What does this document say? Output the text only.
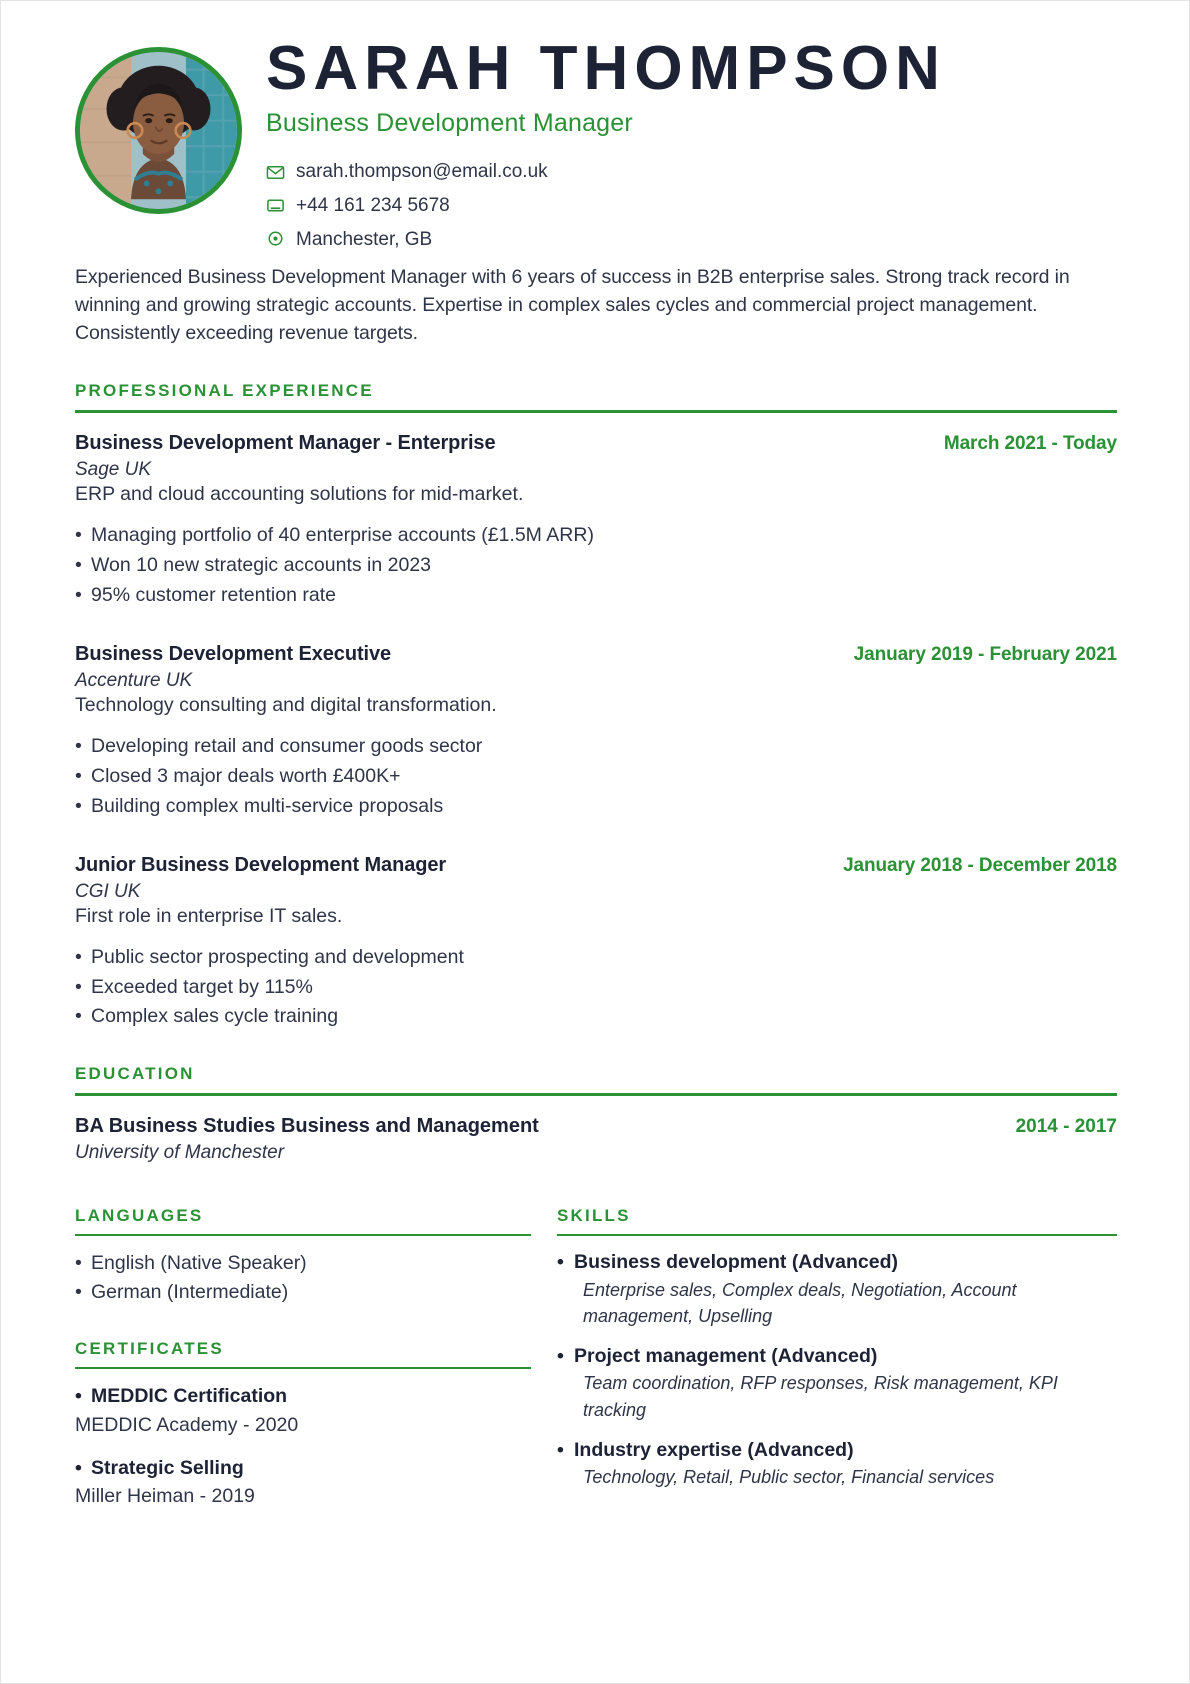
SARAH THOMPSON
Business Development Manager
sarah.thompson@email.co.uk
+44 161 234 5678
Manchester, GB
Experienced Business Development Manager with 6 years of success in B2B enterprise sales. Strong track record in winning and growing strategic accounts. Expertise in complex sales cycles and commercial project management. Consistently exceeding revenue targets.
PROFESSIONAL EXPERIENCE
Business Development Manager - Enterprise	March 2021 - Today
Sage UK
ERP and cloud accounting solutions for mid-market.
• Managing portfolio of 40 enterprise accounts (£1.5M ARR)
• Won 10 new strategic accounts in 2023
• 95% customer retention rate
Business Development Executive	January 2019 - February 2021
Accenture UK
Technology consulting and digital transformation.
• Developing retail and consumer goods sector
• Closed 3 major deals worth £400K+
• Building complex multi-service proposals
Junior Business Development Manager	January 2018 - December 2018
CGI UK
First role in enterprise IT sales.
• Public sector prospecting and development
• Exceeded target by 115%
• Complex sales cycle training
EDUCATION
BA Business Studies Business and Management	2014 - 2017
University of Manchester
LANGUAGES
• English (Native Speaker)
• German (Intermediate)
CERTIFICATES
• MEDDIC Certification
MEDDIC Academy - 2020
• Strategic Selling
Miller Heiman - 2019
SKILLS
• Business development (Advanced)
Enterprise sales, Complex deals, Negotiation, Account management, Upselling
• Project management (Advanced)
Team coordination, RFP responses, Risk management, KPI tracking
• Industry expertise (Advanced)
Technology, Retail, Public sector, Financial services
